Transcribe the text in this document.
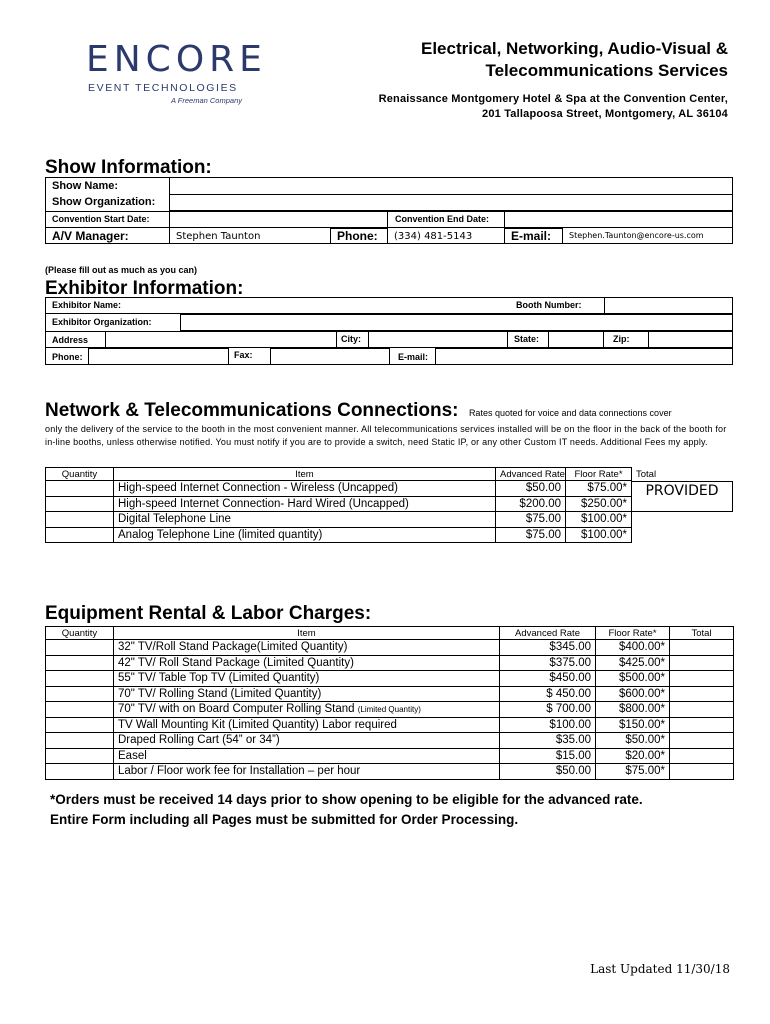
ENCORE
EVENT TECHNOLOGIES
A Freeman Company
Electrical, Networking, Audio-Visual &
Telecommunications Services
Renaissance Montgomery Hotel & Spa at the Convention Center,
201 Tallapoosa Street, Montgomery, AL 36104
Show Information:
Show Name:
Show Organization:
Convention Start Date:	Convention End Date:
A/V Manager:	Stephen Taunton	Phone: (334) 481-5143	E-mail: Stephen.Taunton@encore-us.com
(Please fill out as much as you can)
Exhibitor Information:
Exhibitor Name:	Booth Number:
Exhibitor Organization:
Address	City:	State:	Zip:
Phone:	Fax:	E-mail:
Network & Telecommunications Connections: Rates quoted for voice and data connections cover
only the delivery of the service to the booth in the most convenient manner. All telecommunications services installed will be on the floor in the back of the booth for in-line booths, unless otherwise notified. You must notify if you are to provide a switch, need Static IP, or any other Custom IT needs. Additional Fees my apply.
Quantity	Item	Advanced Rate	Floor Rate*
	High-speed Internet Connection - Wireless (Uncapped)	$50.00	$75.00*
	High-speed Internet Connection- Hard Wired (Uncapped)	$200.00	$250.00*
	Digital Telephone Line	$75.00	$100.00*
	Analog Telephone Line (limited quantity)	$75.00	$100.00*
Total
PROVIDED
Equipment Rental & Labor Charges:
Quantity	Item	Advanced Rate	Floor Rate*	Total
	32" TV/Roll Stand Package(Limited Quantity)	$345.00	$400.00*	
	42" TV/ Roll Stand Package (Limited Quantity)	$375.00	$425.00*	
	55" TV/ Table Top TV (Limited Quantity)	$450.00	$500.00*	
	70" TV/ Rolling Stand (Limited Quantity)	$ 450.00	$600.00*	
	70" TV/ with on Board Computer Rolling Stand (Limited Quantity)	$ 700.00	$800.00*	
	TV Wall Mounting Kit (Limited Quantity) Labor required	$100.00	$150.00*	
	Draped Rolling Cart (54” or 34”)	$35.00	$50.00*	
	Easel	$15.00	$20.00*	
	Labor / Floor work fee for Installation – per hour	$50.00	$75.00*	
*Orders must be received 14 days prior to show opening to be eligible for the advanced rate.
Entire Form including all Pages must be submitted for Order Processing.
Last Updated 11/30/18
